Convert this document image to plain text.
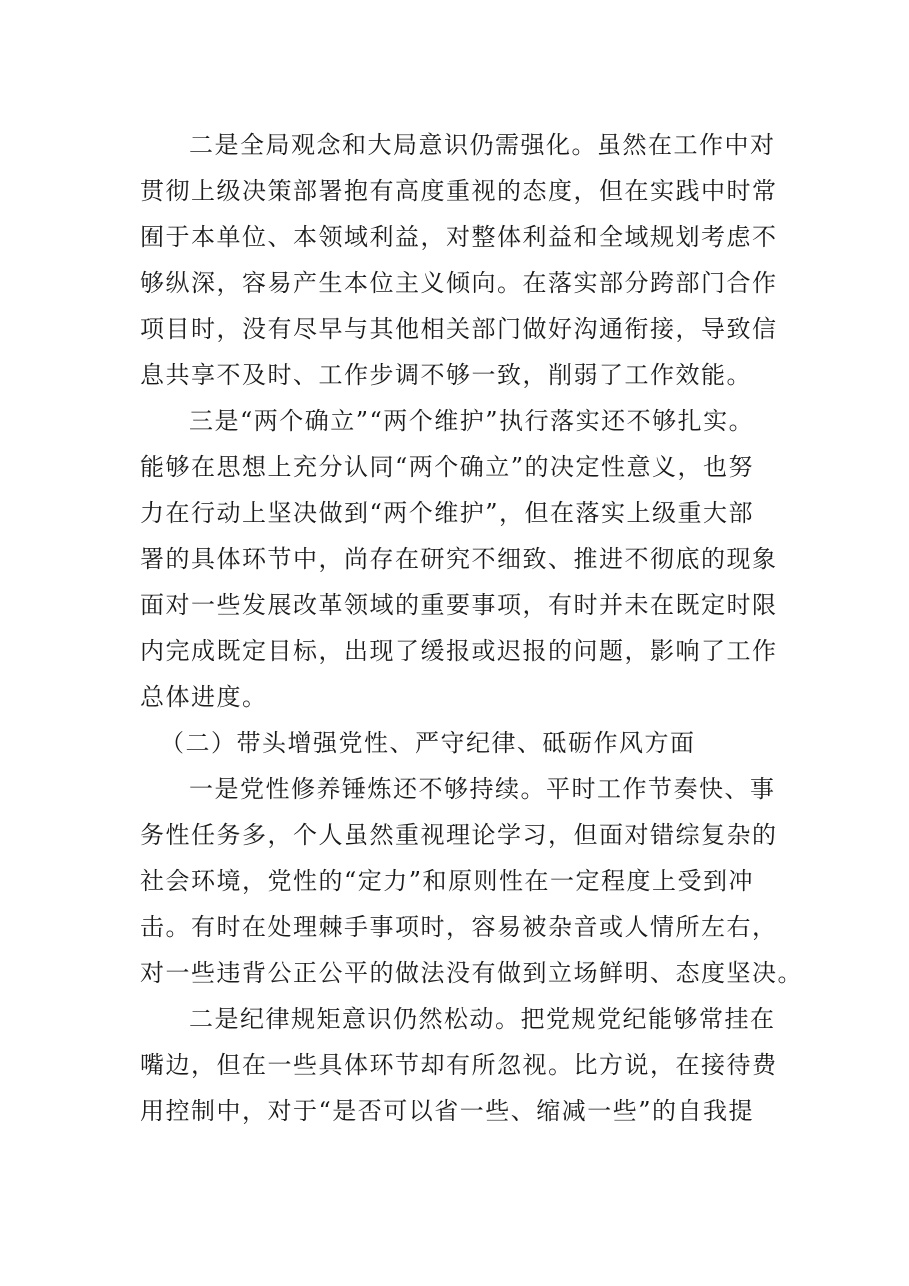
二是全局观念和大局意识仍需强化。虽然在工作中对
贯彻上级决策部署抱有高度重视的态度，但在实践中时常
囿于本单位、本领域利益，对整体利益和全域规划考虑不
够纵深，容易产生本位主义倾向。在落实部分跨部门合作
项目时，没有尽早与其他相关部门做好沟通衔接，导致信
息共享不及时、工作步调不够一致，削弱了工作效能。
三是“两个确立”“两个维护”执行落实还不够扎实。
能够在思想上充分认同“两个确立”的决定性意义，也努
力在行动上坚决做到“两个维护”，但在落实上级重大部
署的具体环节中，尚存在研究不细致、推进不彻底的现象
面对一些发展改革领域的重要事项，有时并未在既定时限
内完成既定目标，出现了缓报或迟报的问题，影响了工作
总体进度。
（二）带头增强党性、严守纪律、砥砺作风方面
一是党性修养锤炼还不够持续。平时工作节奏快、事
务性任务多，个人虽然重视理论学习，但面对错综复杂的
社会环境，党性的“定力”和原则性在一定程度上受到冲
击。有时在处理棘手事项时，容易被杂音或人情所左右，
对一些违背公正公平的做法没有做到立场鲜明、态度坚决。
二是纪律规矩意识仍然松动。把党规党纪能够常挂在
嘴边，但在一些具体环节却有所忽视。比方说，在接待费
用控制中，对于“是否可以省一些、缩减一些”的自我提
